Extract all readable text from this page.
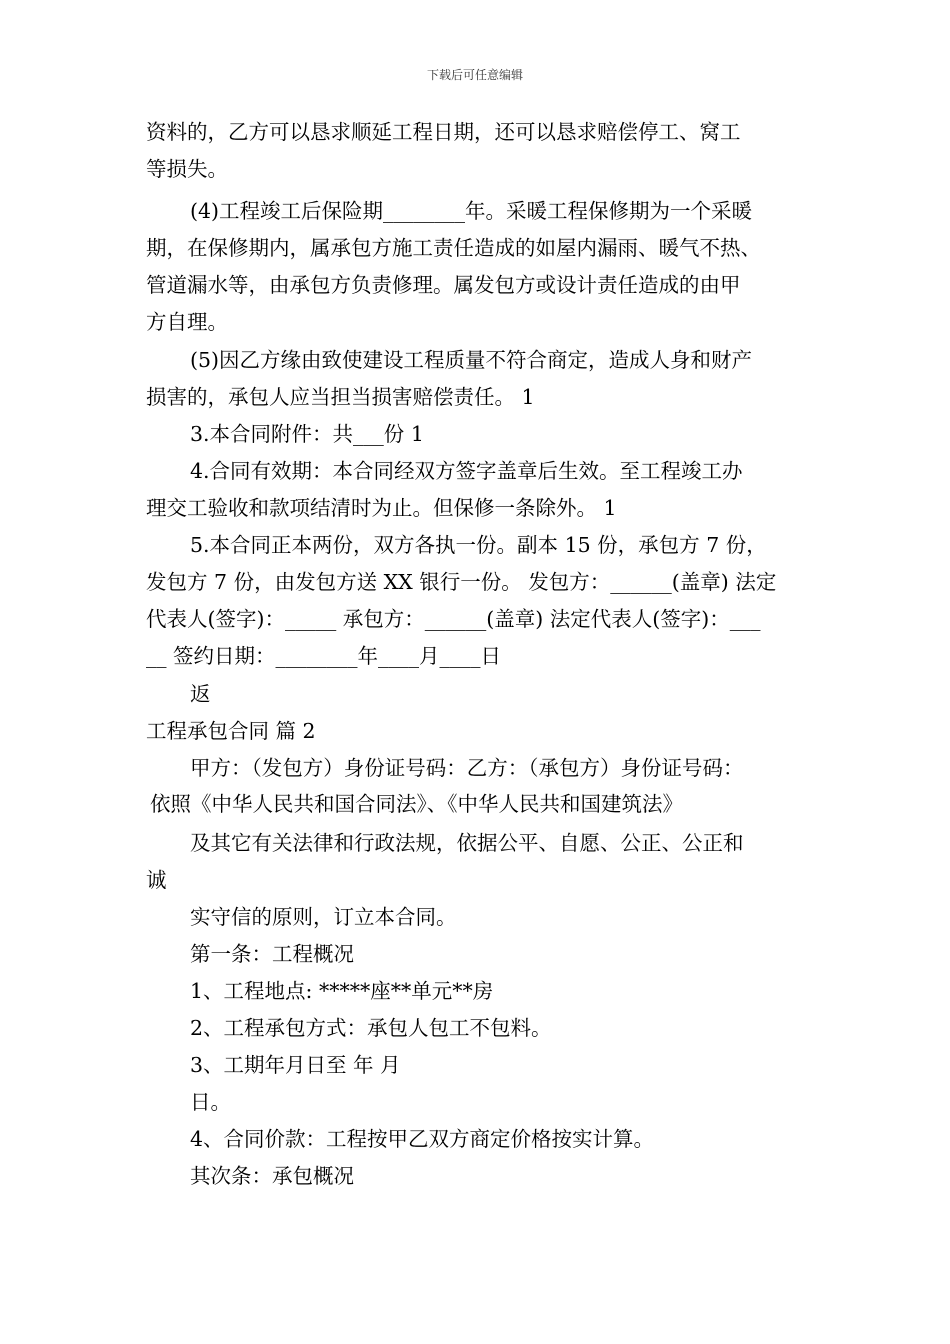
下载后可任意编辑
资料的，乙方可以恳求顺延工程日期，还可以恳求赔偿停工、窝工
等损失。
(4)工程竣工后保险期________年。采暖工程保修期为一个采暖
期，在保修期内，属承包方施工责任造成的如屋内漏雨、暖气不热、
管道漏水等，由承包方负责修理。属发包方或设计责任造成的由甲
方自理。
(5)因乙方缘由致使建设工程质量不符合商定，造成人身和财产
损害的，承包人应当担当损害赔偿责任。 1
3.本合同附件：共___份 1
4.合同有效期：本合同经双方签字盖章后生效。至工程竣工办
理交工验收和款项结清时为止。但保修一条除外。 1
5.本合同正本两份，双方各执一份。副本 15 份，承包方 7 份，
发包方 7 份，由发包方送 XX 银行一份。 发包方：______(盖章) 法定
代表人(签字)：_____ 承包方：______(盖章) 法定代表人(签字)：___
__ 签约日期：________年____月____日
返
工程承包合同 篇 2
甲方：（发包方）身份证号码：乙方：（承包方）身份证号码：
依照《中华人民共和国合同法》、《中华人民共和国建筑法》
及其它有关法律和行政法规，依据公平、自愿、公正、公正和
诚
实守信的原则，订立本合同。
第一条：工程概况
1、工程地点: *****座**单元**房
2、工程承包方式：承包人包工不包料。
3、工期年月日至 年 月
日。
4、合同价款：工程按甲乙双方商定价格按实计算。
其次条：承包概况
